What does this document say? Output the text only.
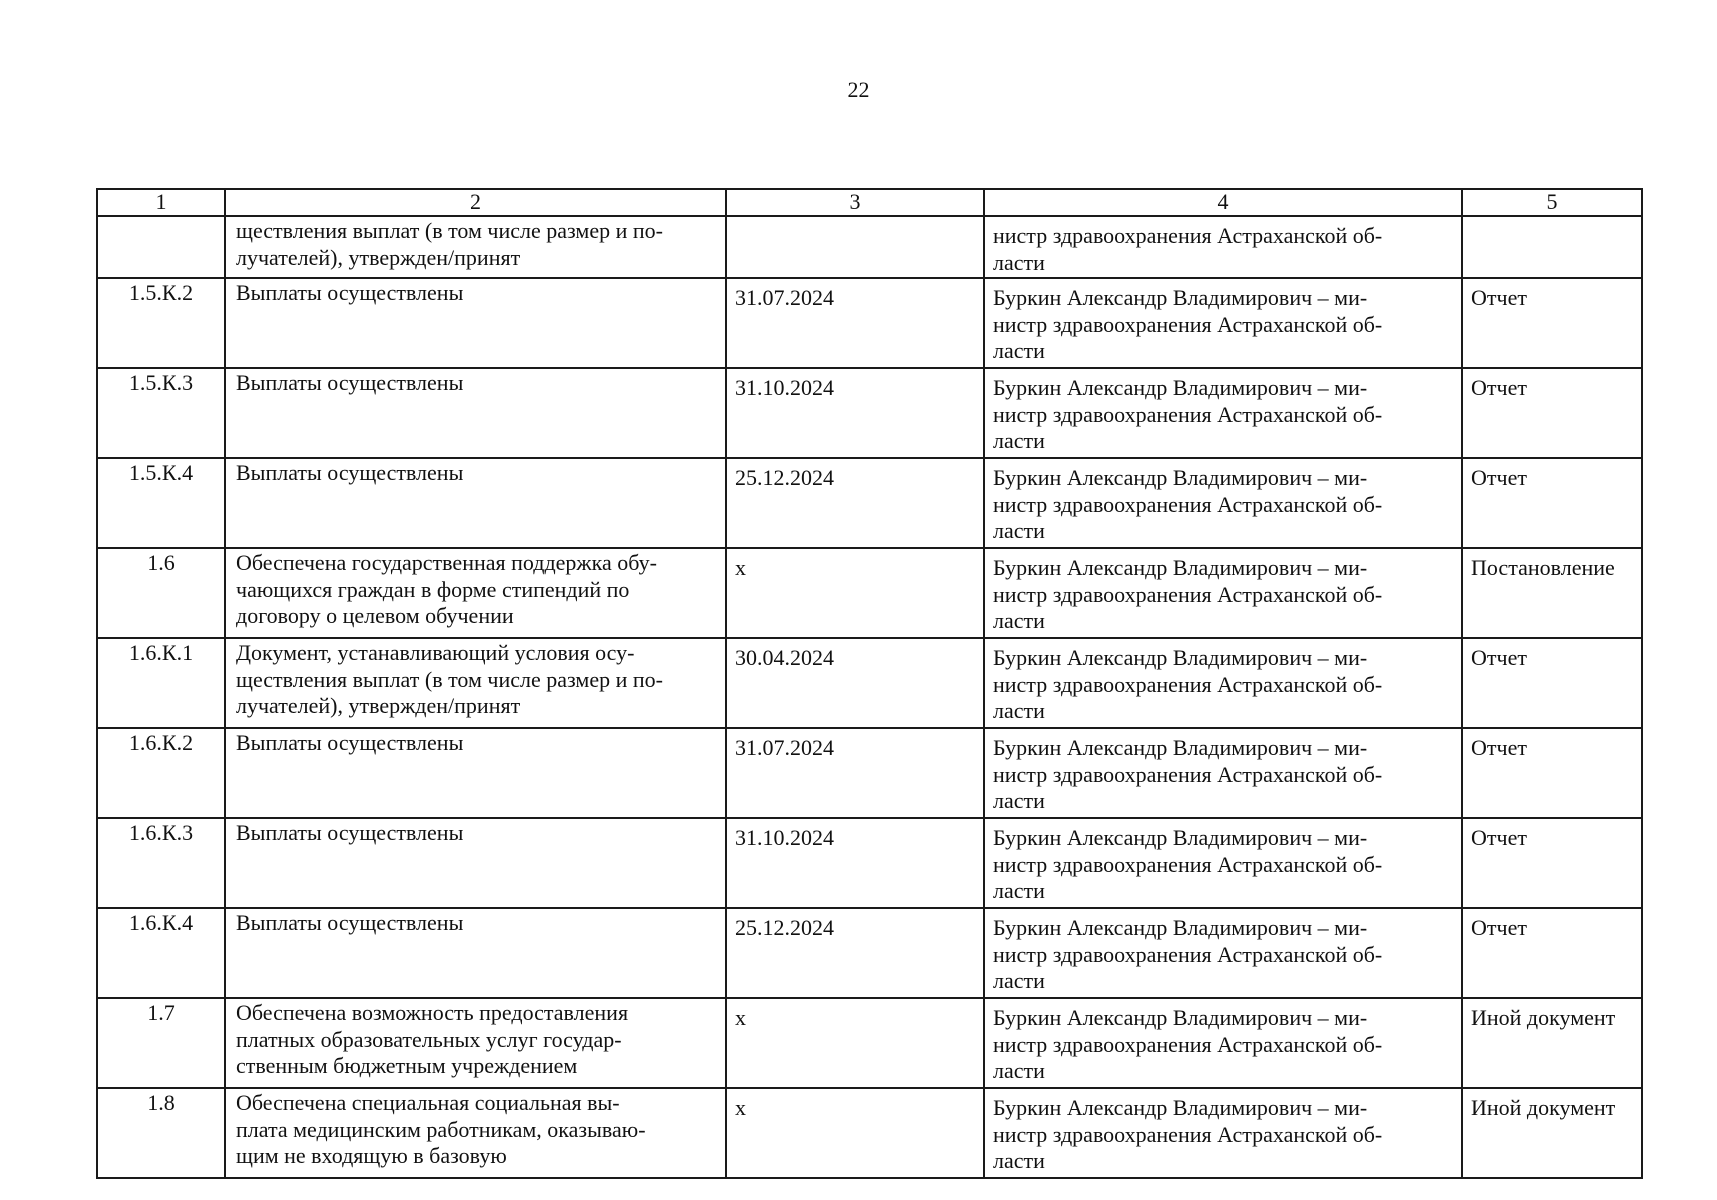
22
1	2	3	4	5

	ществления выплат (в том числе размер и по-
лучателей), утвержден/принят		нистр здравоохранения Астраханской об-
ласти	

1.5.К.2	Выплаты осуществлены	31.07.2024	Буркин Александр Владимирович – ми-
нистр здравоохранения Астраханской об-
ласти	Отчет
1.5.К.3	Выплаты осуществлены	31.10.2024	Буркин Александр Владимирович – ми-
нистр здравоохранения Астраханской об-
ласти	Отчет
1.5.К.4	Выплаты осуществлены	25.12.2024	Буркин Александр Владимирович – ми-
нистр здравоохранения Астраханской об-
ласти	Отчет
1.6	Обеспечена государственная поддержка обу-
чающихся граждан в форме стипендий по
договору о целевом обучении	х	Буркин Александр Владимирович – ми-
нистр здравоохранения Астраханской об-
ласти	Постановление
1.6.К.1	Документ, устанавливающий условия осу-
ществления выплат (в том числе размер и по-
лучателей), утвержден/принят	30.04.2024	Буркин Александр Владимирович – ми-
нистр здравоохранения Астраханской об-
ласти	Отчет
1.6.К.2	Выплаты осуществлены	31.07.2024	Буркин Александр Владимирович – ми-
нистр здравоохранения Астраханской об-
ласти	Отчет
1.6.К.3	Выплаты осуществлены	31.10.2024	Буркин Александр Владимирович – ми-
нистр здравоохранения Астраханской об-
ласти	Отчет
1.6.К.4	Выплаты осуществлены	25.12.2024	Буркин Александр Владимирович – ми-
нистр здравоохранения Астраханской об-
ласти	Отчет
1.7	Обеспечена возможность предоставления
платных образовательных услуг государ-
ственным бюджетным учреждением	х	Буркин Александр Владимирович – ми-
нистр здравоохранения Астраханской об-
ласти	Иной документ
1.8	Обеспечена специальная социальная вы-
плата медицинским работникам, оказываю-
щим не входящую в базовую	х	Буркин Александр Владимирович – ми-
нистр здравоохранения Астраханской об-
ласти	Иной документ
